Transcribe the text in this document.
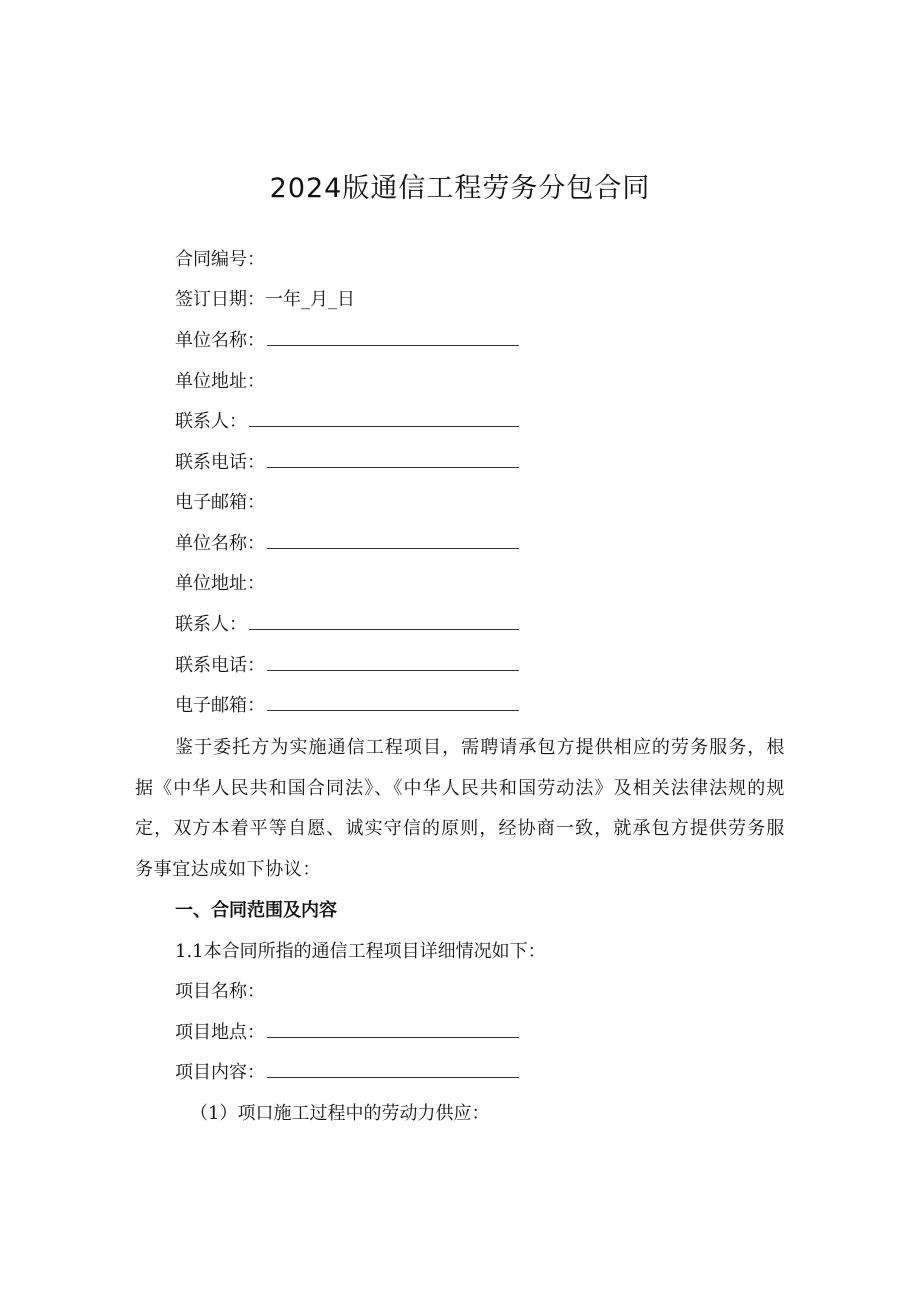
2024版通信工程劳务分包合同
合同编号：
签订日期：一年_月_日
单位名称：
单位地址：
联系人：
联系电话：
电子邮箱：
单位名称：
单位地址：
联系人：
联系电话：
电子邮箱：
鉴于委托方为实施通信工程项目，需聘请承包方提供相应的劳务服务，根据《中华人民共和国合同法》、《中华人民共和国劳动法》及相关法律法规的规定，双方本着平等自愿、诚实守信的原则，经协商一致，就承包方提供劳务服务事宜达成如下协议：
一、合同范围及内容
1.1本合同所指的通信工程项目详细情况如下：
项目名称：
项目地点：
项目内容：
（1）项口施工过程中的劳动力供应：
